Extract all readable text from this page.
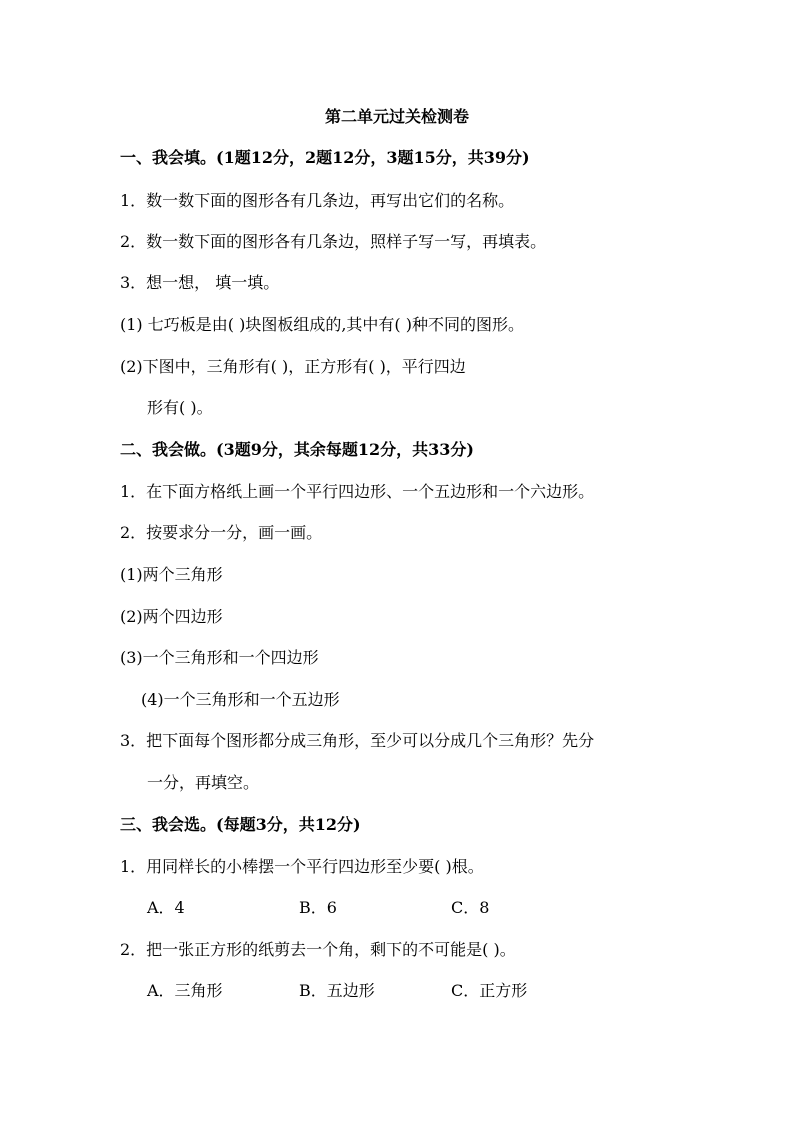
第二单元过关检测卷
一、我会填。(1题12分，2题12分，3题15分，共39分)
1．数一数下面的图形各有几条边，再写出它们的名称。
2．数一数下面的图形各有几条边，照样子写一写，再填表。
3．想一想， 填一填。
(1) 七巧板是由( )块图板组成的,其中有( )种不同的图形。
(2)下图中，三角形有( )，正方形有( )，平行四边
形有( )。
二、我会做。(3题9分，其余每题12分，共33分)
1．在下面方格纸上画一个平行四边形、一个五边形和一个六边形。
2．按要求分一分，画一画。
(1)两个三角形
(2)两个四边形
(3)一个三角形和一个四边形
(4)一个三角形和一个五边形
3．把下面每个图形都分成三角形，至少可以分成几个三角形？先分
一分，再填空。
三、我会选。(每题3分，共12分)
1．用同样长的小棒摆一个平行四边形至少要( )根。
A．4	B．6	C．8
2．把一张正方形的纸剪去一个角，剩下的不可能是( )。
A．三角形	B．五边形	C．正方形
